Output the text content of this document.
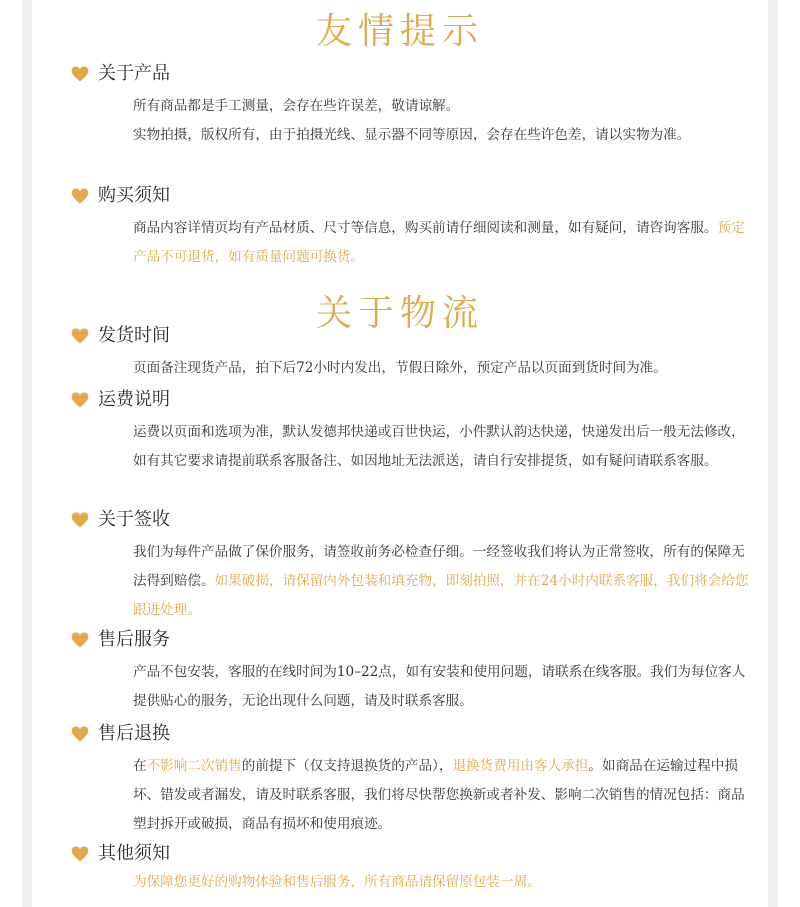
友情提示
关于产品

所有商品都是手工测量，会存在些许误差，敬请谅解。

实物拍摄，版权所有，由于拍摄光线、显示器不同等原因，会存在些许色差，请以实物为准。

购买须知

商品内容详情页均有产品材质、尺寸等信息，购买前请仔细阅读和测量，如有疑问，请咨询客服。预定产品不可退货，如有质量问题可换货。

关于物流
发货时间

页面备注现货产品，拍下后72小时内发出，节假日除外，预定产品以页面到货时间为准。

运费说明

运费以页面和选项为准，默认发德邦快递或百世快运，小件默认韵达快递，快递发出后一般无法修改，如有其它要求请提前联系客服备注、如因地址无法派送，请自行安排提货，如有疑问请联系客服。

关于签收

我们为每件产品做了保价服务，请签收前务必检查仔细。一经签收我们将认为正常签收，所有的保障无法得到赔偿。如果破损，请保留内外包装和填充物，即刻拍照，并在24小时内联系客服，我们将会给您跟进处理。

售后服务

产品不包安装，客服的在线时间为10–22点，如有安装和使用问题，请联系在线客服。我们为每位客人提供贴心的服务，无论出现什么问题，请及时联系客服。

售后退换

在不影响二次销售的前提下（仅支持退换货的产品），退换货费用由客人承担。如商品在运输过程中损坏、错发或者漏发，请及时联系客服，我们将尽快帮您换新或者补发、影响二次销售的情况包括：商品塑封拆开或破损，商品有损坏和使用痕迹。

其他须知

为保障您更好的购物体验和售后服务，所有商品请保留原包装一周。
